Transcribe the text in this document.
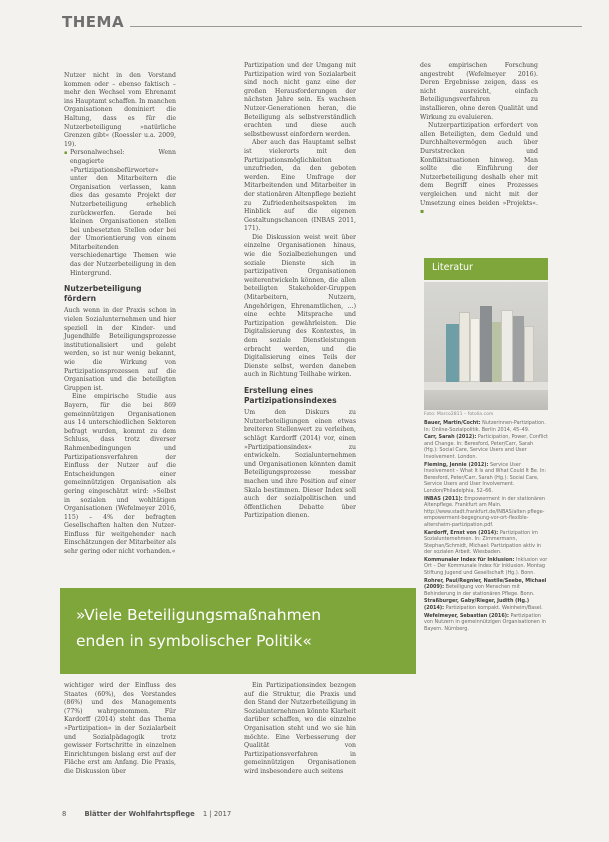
THEMA

Nutzer nicht in den Vorstand kommen oder – ebenso faktisch – mehr den Wechsel vom Ehrenamt ins Hauptamt schaffen. In manchen Organisationen dominiert die Haltung, dass es für die Nutzerbeteiligung »natürliche Grenzen gibt« (Roessler u.a. 2009, 19).

▪ Personalwechsel: Wenn engagierte »Partizipationsbefürworter« unter den Mitarbeitern die Organisation verlassen, kann dies das gesamte Projekt der Nutzerbeteiligung erheblich zurückwerfen. Gerade bei kleinen Organisationen stellen bei unbesetzten Stellen oder bei der Umorientierung von einem Mitarbeitenden verschiedenartige Themen wie das der Nutzerbeteiligung in den Hintergrund.
Nutzerbeteiligung fördern

Auch wenn in der Praxis schon in vielen Sozialunternehmen und hier speziell in der Kinder- und Jugendhilfe Beteiligungsprozesse institutionalisiert und gelebt werden, so ist nur wenig bekannt, wie die Wirkung von Partizipationsprozessen auf die Organisation und die beteiligten Gruppen ist.

Eine empirische Studie aus Bayern, für die bei 869 gemeinnützigen Organisationen aus 14 unterschiedlichen Sektoren befragt wurden, kommt zu dem Schluss, dass trotz diverser Rahmenbedingungen und Partizipationsverfahren der Einfluss der Nutzer auf die Entscheidungen einer gemeinnützigen Organisation als gering eingeschätzt wird: »Selbst in sozialen und wohltätigen Organisationen (Wefelmeyer 2016, 115) – 4% der befragten Gesellschaften halten den Nutzer-Einfluss für weitgehender nach Einschätzungen der Mitarbeiter als sehr gering oder nicht vorhanden.«

Partizipation und der Umgang mit Partizipation wird von Sozialarbeit sind noch nicht ganz eine der großen Herausforderungen der nächsten Jahre sein. Es wachsen Nutzer-Generationen heran, die Beteiligung als selbstverständlich erachten und diese auch selbstbewusst einfordern werden.

Aber auch das Hauptamt selbst ist vielerorts mit den Partizipationsmöglichkeiten unzufrieden, da den geboten werden. Eine Umfrage der Mitarbeitenden und Mitarbeiter in der stationären Altenpflege bezieht zu Zufriedenheitsaspekten im Hinblick auf die eigenen Gestaltungschancen (INBAS 2011, 171).

Die Diskussion weist weit über einzelne Organisationen hinaus, wie die Sozialbeziehungen und soziale Dienste sich in partizipativen Organisationen weiterentwickeln können, die allen beteiligten Stakeholder-Gruppen (Mitarbeitern, Nutzern, Angehörigen, Ehrenamtlichen, ...) eine echte Mitsprache und Partizipation gewährleisten. Die Digitalisierung des Kontextes, in dem soziale Dienstleistungen erbracht werden, und die Digitalisierung eines Teils der Dienste selbst, werden daneben auch in Richtung Teilhabe wirken.

Erstellung eines Partizipationsindexes

Um den Diskurs zu Nutzerbeteiligungen einen etwas breiteren Stellenwert zu verleihen, schlägt Kardorff (2014) vor, einen »Partizipationsindex« zu entwickeln. Sozialunternehmen und Organisationen könnten damit Beteiligungsprozesse messbar machen und ihre Position auf einer Skala bestimmen. Dieser Index soll auch der sozialpolitischen und öffentlichen Debatte über Partizipation dienen.

des empirischen Forschung angestrebt (Wefelmeyer 2016). Deren Ergebnisse zeigen, dass es nicht ausreicht, einfach Beteiligungsverfahren zu installieren, ohne deren Qualität und Wirkung zu evaluieren.

Nutzerpartizipation erfordert von allen Beteiligten, dem Geduld und Durchhaltevermögen auch über Durststrecken und Konfliktsituationen hinweg. Man sollte die Einführung der Nutzerbeteiligung deshalb eher mit dem Begriff eines Prozesses vergleichen und nicht mit der Umsetzung eines beiden »Projekts«. ▪

Literatur
Foto: Marco2811 – fotolia.com

Bauer, Martin/Cocht: Nutzerinnen-Partizipation. In: Online-Sozialpolitik. Berlin 2014, 45–49.

Carr, Sarah (2012): Participation, Power, Conflict and Change. In: Beresford, Peter/Carr, Sarah (Hg.): Social Care, Service Users and User Involvement. London.

Fleming, Jennie (2012): Service User Involvement – What It Is and What Could It Be. In: Beresford, Peter/Carr, Sarah (Hg.): Social Care, Service Users and User Involvement. London/Philadelphia, 52–66.

INBAS (2011): Empowerment in der stationären Altenpflege. Frankfurt am Main. http://www.stadt.frankfurt.de/INBAS/alten pflege-empowerment-begegnung-vor-ort-flexible-altersheim-partizipation.pdf.

Kardorff, Ernst von (2014): Partizipation im Sozialunternehmen. In: Zimmermann, Stephan/Schmidt, Michael: Partizipation aktiv in der sozialen Arbeit. Wiesbaden.

Kommunaler Index für Inklusion: Inklusion vor Ort – Der Kommunale Index für Inklusion. Montag Stiftung Jugend und Gesellschaft (Hg.). Bonn.

Rohrer, Paul/Regnier, Nastile/Seebe, Michael (2009): Beteiligung von Menschen mit Behinderung in der stationären Pflege. Bonn.

Straßburger, Gaby/Rieger, Judith (Hg.) (2014): Partizipation kompakt. Weinheim/Basel.

Wefelmeyer, Sebastian (2016): Partizipation von Nutzern in gemeinnützigen Organisationen in Bayern. Nürnberg.

»Viele Beteiligungsmaßnahmen
enden in symbolischer Politik«

wichtiger wird der Einfluss des Staates (60%), des Vorstandes (86%) und des Managements (77%) wahrgenommen. Für Kardorff (2014) steht das Thema »Partizipation« in der Sozialarbeit und Sozialpädagogik trotz gewisser Fortschritte in einzelnen Einrichtungen bislang erst auf der Fläche erst am Anfang. Die Praxis, die Diskussion über

Ein Partizipationsindex bezogen auf die Struktur, die Praxis und den Stand der Nutzerbeteiligung in Sozialunternehmen könnte Klarheit darüber schaffen, wo die einzelne Organisation steht und wo sie hin möchte. Eine Verbesserung der Qualität von Partizipationsverfahren in gemeinnützigen Organisationen wird insbesondere auch seitens

8	Blätter der Wohlfahrtspflege 1 | 2017
